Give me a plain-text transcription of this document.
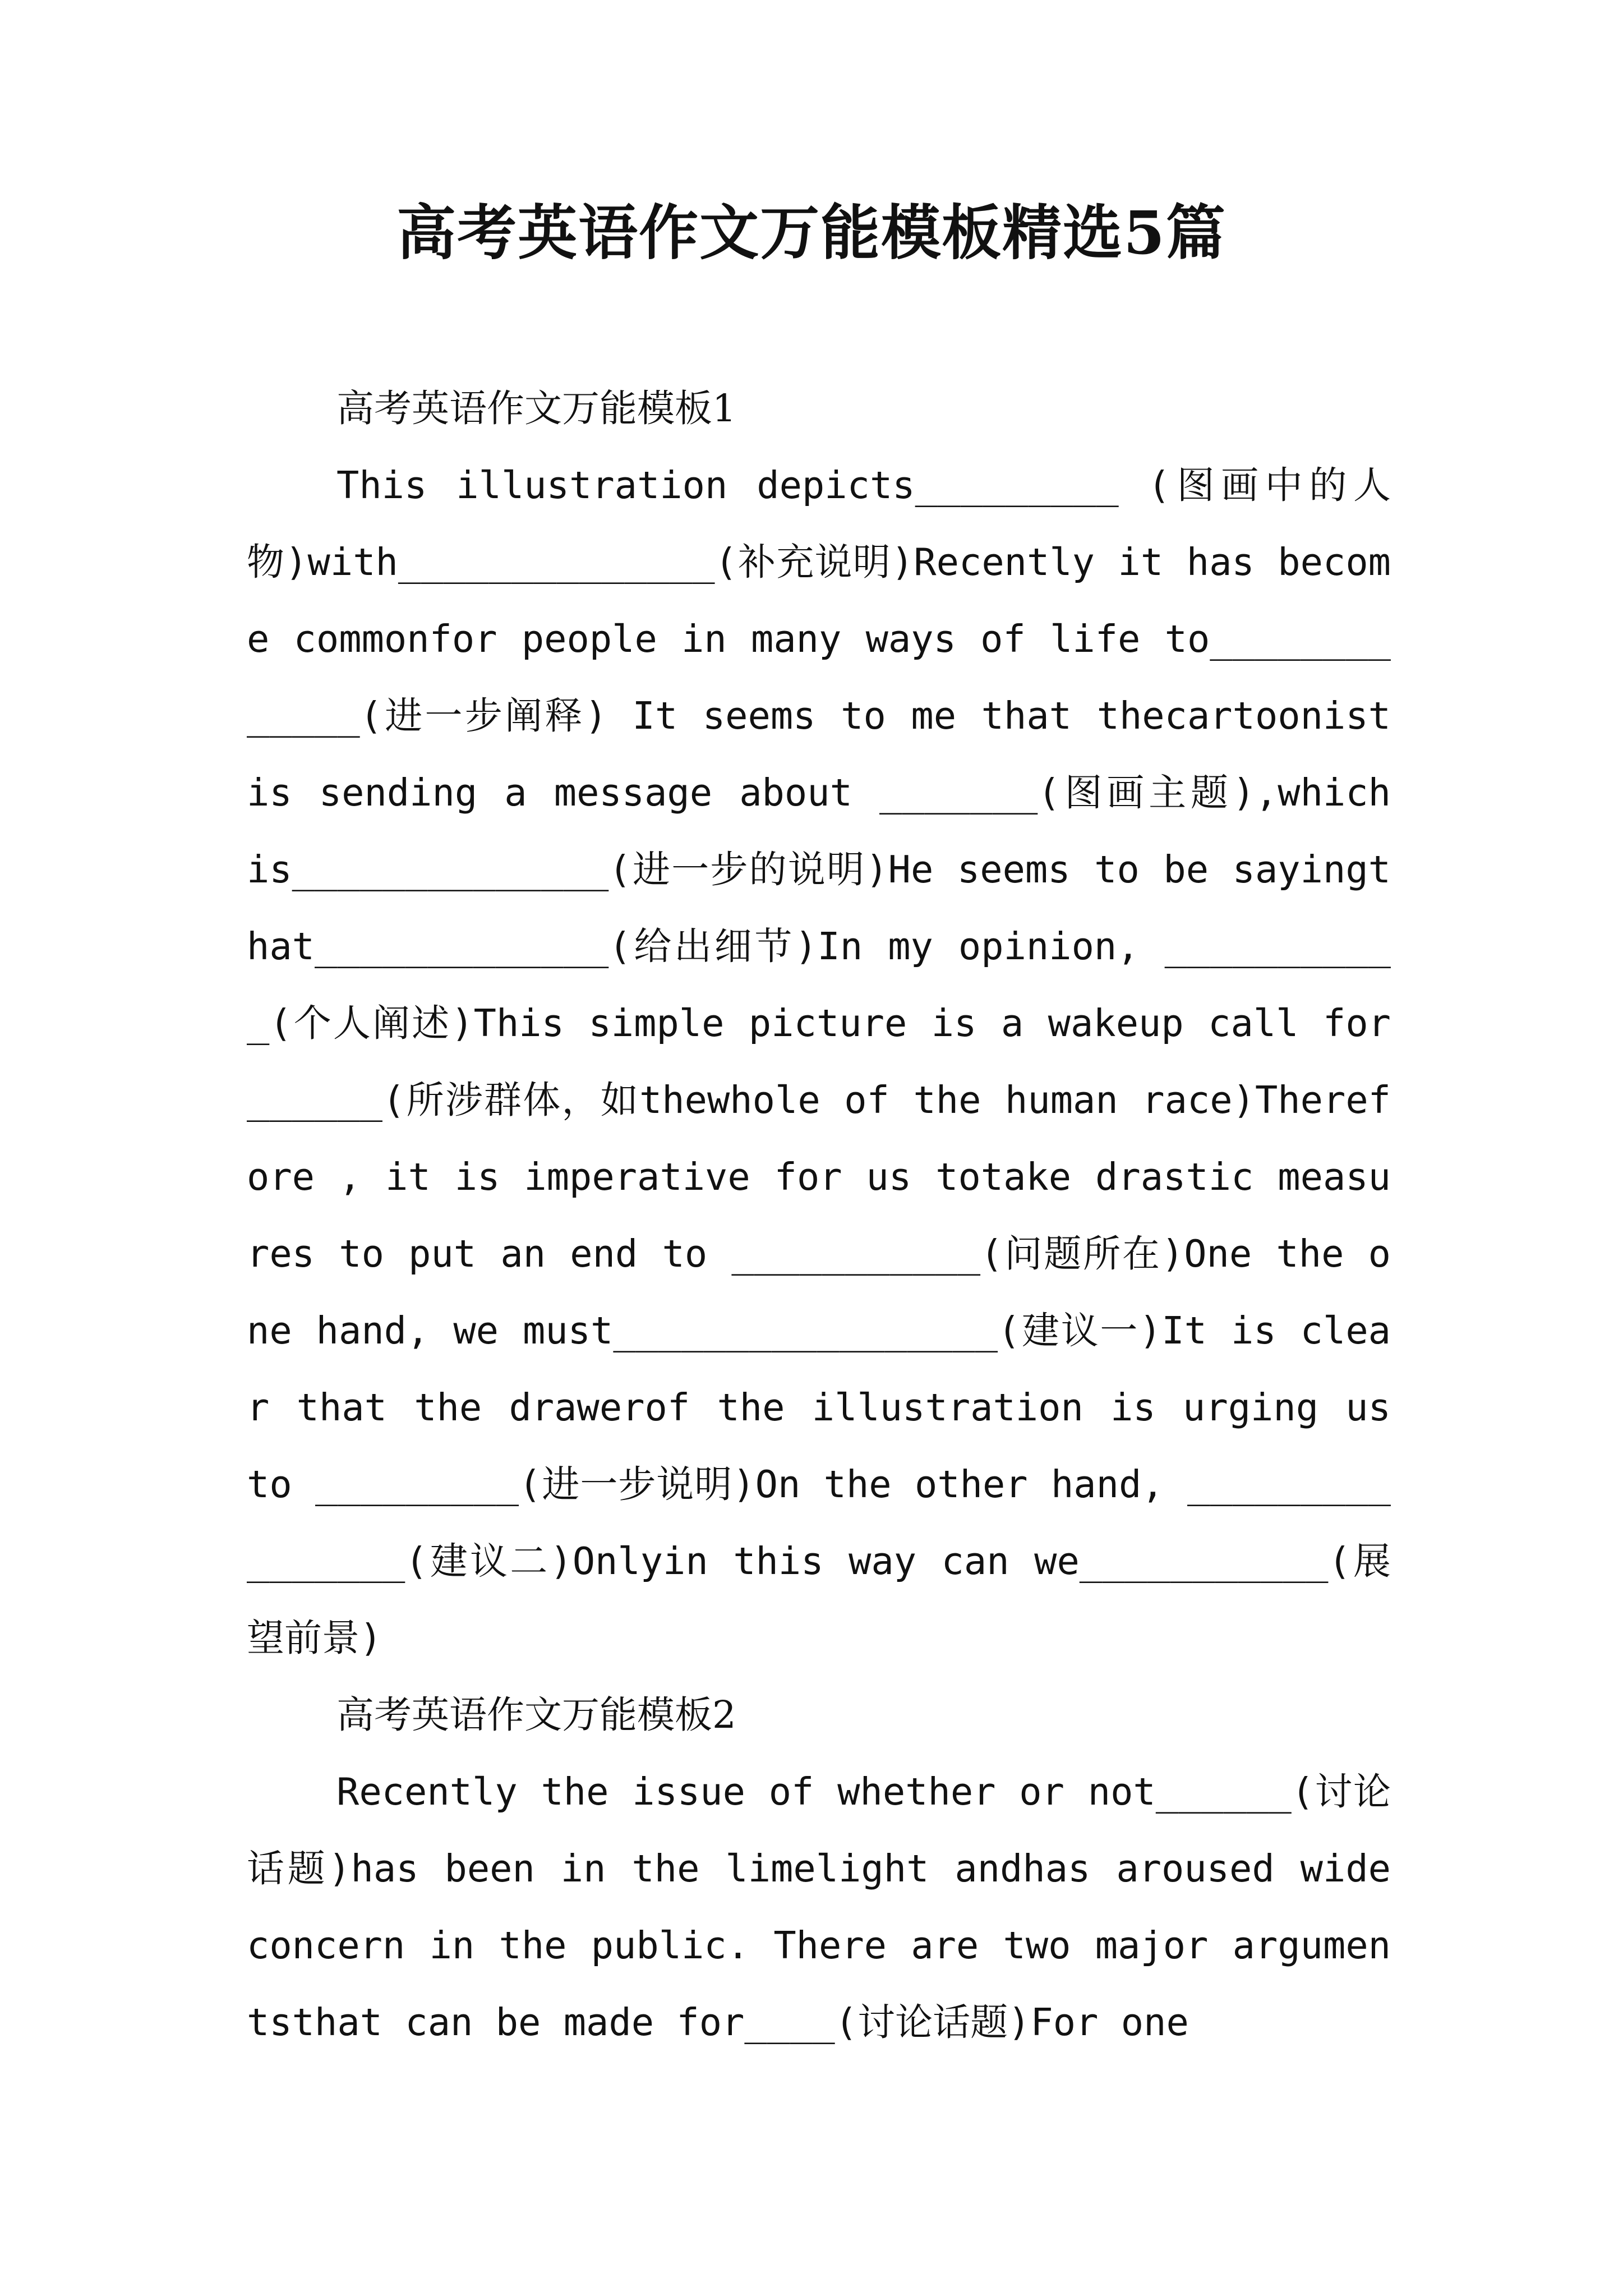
高考英语作文万能模板精选5篇

高考英语作文万能模板1

This illustration depicts_________ (图画中的人物)with______________(补充说明)Recently it has become commonfor people in many ways of life to_____________(进一步阐释) It seems to me that thecartoonist is sending a message about _______(图画主题),which is______________(进一步的说明)He seems to be sayingthat_____________(给出细节)In my opinion, ___________(个人阐述)This simple picture is a wakeup call for ______(所涉群体，如thewhole of the human race)Therefore , it is imperative for us totake drastic measures to put an end to ___________(问题所在)One the one hand, we must_________________(建议一)It is clear that the drawerof the illustration is urging us to _________(进一步说明)On the other hand, ________________(建议二)Onlyin this way can we___________(展望前景)

高考英语作文万能模板2

Recently the issue of whether or not______(讨论话题)has been in the limelight andhas aroused wide concern in the public. There are two major argumentsthat can be made for____(讨论话题)For one
